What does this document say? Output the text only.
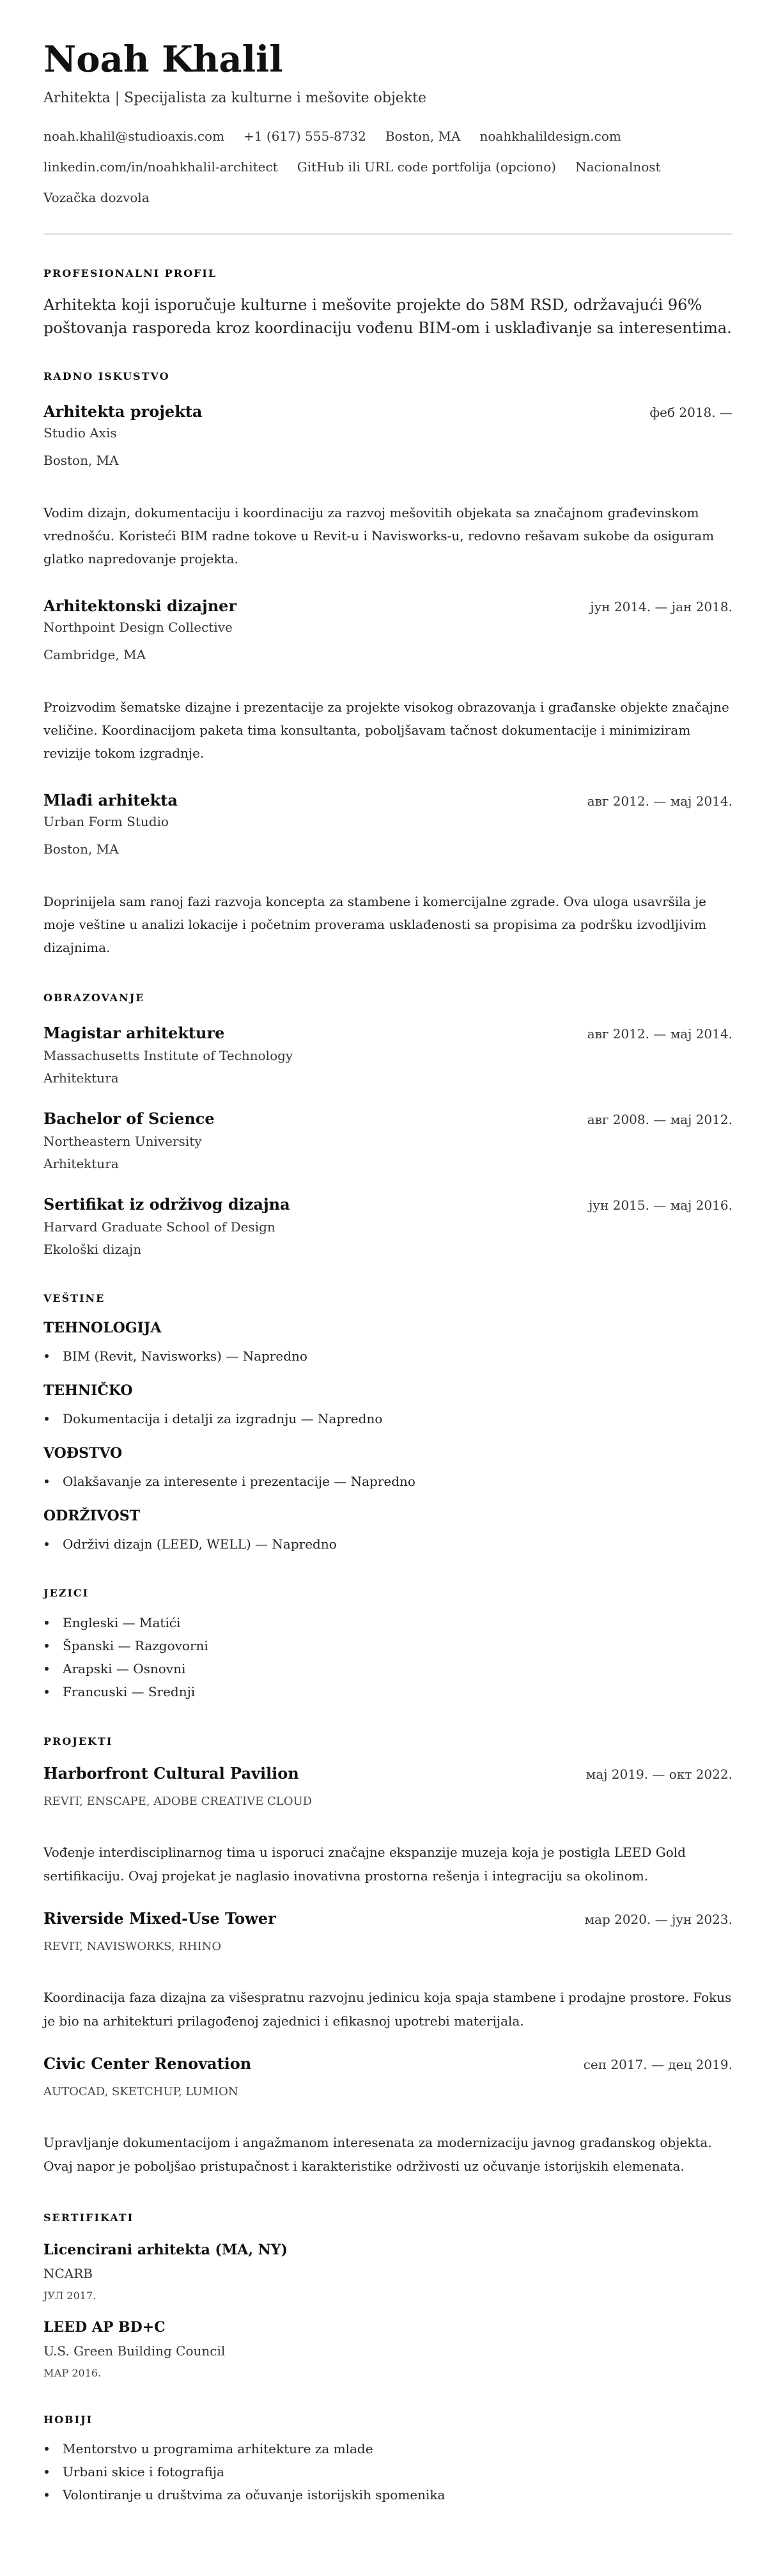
Noah Khalil
Arhitekta | Specijalista za kulturne i mešovite objekte
noah.khalil@studioaxis.com +1 (617) 555-8732 Boston, MA noahkhalildesign.com
linkedin.com/in/noahkhalil-architect GitHub ili URL code portfolija (opciono) Nacionalnost
Vozačka dozvola
PROFESIONALNI PROFIL
Arhitekta koji isporučuje kulturne i mešovite projekte do 58M RSD, održavajući 96% poštovanja rasporeda kroz koordinaciju vođenu BIM-om i usklađivanje sa interesentima.
RADNO ISKUSTVO
Arhitekta projekta	феб 2018. —
Studio Axis
Boston, MA
Vodim dizajn, dokumentaciju i koordinaciju za razvoj mešovitih objekata sa značajnom građevinskom vrednošću. Koristeći BIM radne tokove u Revit-u i Navisworks-u, redovno rešavam sukobe da osiguram glatko napredovanje projekta.
Arhitektonski dizajner	јун 2014. — јан 2018.
Northpoint Design Collective
Cambridge, MA
Proizvodim šematske dizajne i prezentacije za projekte visokog obrazovanja i građanske objekte značajne veličine. Koordinacijom paketa tima konsultanta, poboljšavam tačnost dokumentacije i minimiziram revizije tokom izgradnje.
Mlađi arhitekta	авг 2012. — мај 2014.
Urban Form Studio
Boston, MA
Doprinijela sam ranoj fazi razvoja koncepta za stambene i komercijalne zgrade. Ova uloga usavršila je moje veštine u analizi lokacije i početnim proverama usklađenosti sa propisima za podršku izvodljivim dizajnima.
OBRAZOVANJE
Magistar arhitekture	авг 2012. — мај 2014.
Massachusetts Institute of Technology
Arhitektura
Bachelor of Science	авг 2008. — мај 2012.
Northeastern University
Arhitektura
Sertifikat iz održivog dizajna	јун 2015. — мај 2016.
Harvard Graduate School of Design
Ekološki dizajn
VEŠTINE
TEHNOLOGIJA
BIM (Revit, Navisworks) — Napredno
TEHNIČKO
Dokumentacija i detalji za izgradnju — Napredno
VOĐSTVO
Olakšavanje za interesente i prezentacije — Napredno
ODRŽIVOST
Održivi dizajn (LEED, WELL) — Napredno
JEZICI
Engleski — Matići
Španski — Razgovorni
Arapski — Osnovni
Francuski — Srednji
PROJEKTI
Harborfront Cultural Pavilion	мај 2019. — окт 2022.
REVIT, ENSCAPE, ADOBE CREATIVE CLOUD
Vođenje interdisciplinarnog tima u isporuci značajne ekspanzije muzeja koja je postigla LEED Gold sertifikaciju. Ovaj projekat je naglasio inovativna prostorna rešenja i integraciju sa okolinom.
Riverside Mixed-Use Tower	мар 2020. — јун 2023.
REVIT, NAVISWORKS, RHINO
Koordinacija faza dizajna za višespratnu razvojnu jedinicu koja spaja stambene i prodajne prostore. Fokus je bio na arhitekturi prilagođenoj zajednici i efikasnoj upotrebi materijala.
Civic Center Renovation	сеп 2017. — дец 2019.
AUTOCAD, SKETCHUP, LUMION
Upravljanje dokumentacijom i angažmanom interesenata za modernizaciju javnog građanskog objekta. Ovaj napor je poboljšao pristupačnost i karakteristike održivosti uz očuvanje istorijskih elemenata.
SERTIFIKATI
Licencirani arhitekta (MA, NY)
NCARB
ЈУЛ 2017.
LEED AP BD+C
U.S. Green Building Council
МАР 2016.
HOBIJI
Mentorstvo u programima arhitekture za mlade
Urbani skice i fotografija
Volontiranje u društvima za očuvanje istorijskih spomenika
